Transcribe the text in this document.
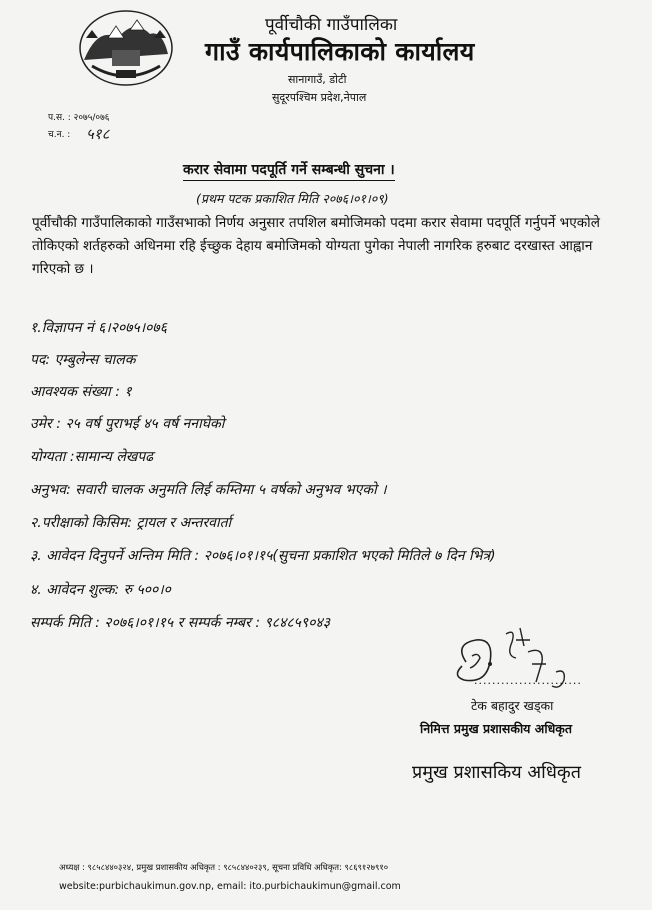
पूर्वीचौकी गाउँपालिका
गाउँ कार्यपालिकाको कार्यालय
सानागाउँ, डोटी
सुदूरपश्चिम प्रदेश,नेपाल
प.स. : २०७५/०७६
च.न. : ५१८
करार सेवामा पदपूर्ति गर्ने सम्बन्धी सुचना ।
(प्रथम पटक प्रकाशित मिति २०७६।०१।०९)
पूर्वीचौकी गाउँपालिकाको गाउँसभाको निर्णय अनुसार तपशिल बमोजिमको पदमा करार सेवामा पदपूर्ति गर्नुपर्ने भएकोले तोकिएको शर्तहरुको अधिनमा रहि ईच्छुक देहाय बमोजिमको योग्यता पुगेका नेपाली नागरिक हरुबाट दरखास्त आह्वान गरिएको छ ।
१.विज्ञापन नं ६।२०७५।०७६
पद: एम्बुलेन्स चालक
आवश्यक संख्या : १
उमेर : २५ वर्ष पुराभई ४५ वर्ष ननाघेको
योग्यता :सामान्य लेखपढ
अनुभव: सवारी चालक अनुमति लिई कम्तिमा ५ वर्षको अनुभव भएको ।
२.परीक्षाको किसिम: ट्रायल र अन्तरवार्ता
३. आवेदन दिनुपर्ने अन्तिम मिति : २०७६।०१।१५(सुचना प्रकाशित भएको मितिले ७ दिन भित्र)
४. आवेदन शुल्क: रु ५००।०
सम्पर्क मिति : २०७६।०१।१५ र सम्पर्क नम्बर : ९८४८५९०४३
........................
टेक बहादुर खड्का
निमित्त प्रमुख प्रशासकीय अधिकृत
प्रमुख प्रशासकिय अधिकृत
अध्यक्ष : ९८५८४४०३२४, प्रमुख प्रशासकीय अधिकृत : ९८५८४४०२३९, सूचना प्रविधि अधिकृत: ९८६९१२७९१०
website:purbichaukimun.gov.np, email: ito.purbichaukimun@gmail.com
